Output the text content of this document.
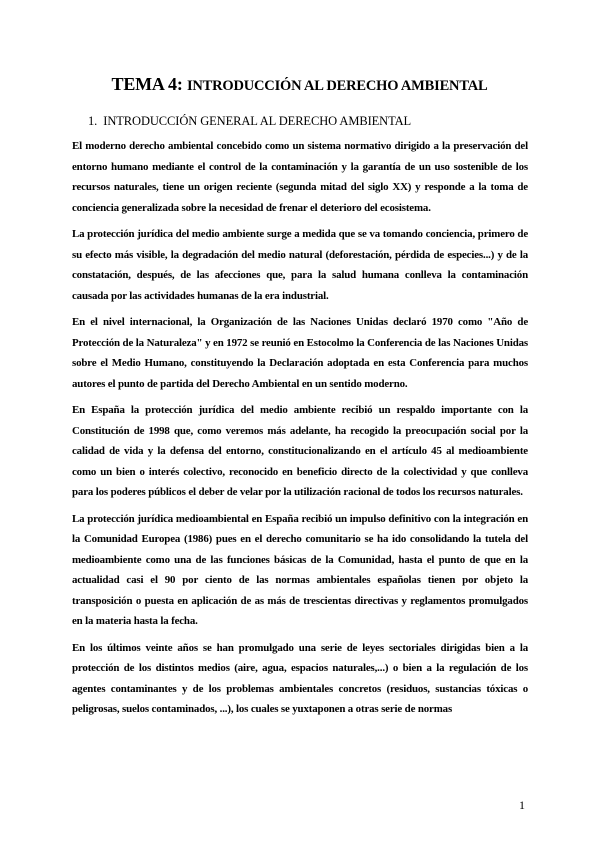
TEMA 4: INTRODUCCIÓN AL DERECHO AMBIENTAL
1. INTRODUCCIÓN GENERAL AL DERECHO AMBIENTAL

El moderno derecho ambiental concebido como un sistema normativo dirigido a la preservación del entorno humano mediante el control de la contaminación y la garantía de un uso sostenible de los recursos naturales, tiene un origen reciente (segunda mitad del siglo XX) y responde a la toma de conciencia generalizada sobre la necesidad de frenar el deterioro del ecosistema.

La protección jurídica del medio ambiente surge a medida que se va tomando conciencia, primero de su efecto más visible, la degradación del medio natural (deforestación, pérdida de especies...) y de la constatación, después, de las afecciones que, para la salud humana conlleva la contaminación causada por las actividades humanas de la era industrial.

En el nivel internacional, la Organización de las Naciones Unidas declaró 1970 como "Año de Protección de la Naturaleza" y en 1972 se reunió en Estocolmo la Conferencia de las Naciones Unidas sobre el Medio Humano, constituyendo la Declaración adoptada en esta Conferencia para muchos autores el punto de partida del Derecho Ambiental en un sentido moderno.

En España la protección jurídica del medio ambiente recibió un respaldo importante con la Constitución de 1998 que, como veremos más adelante, ha recogido la preocupación social por la calidad de vida y la defensa del entorno, constitucionalizando en el artículo 45 al medioambiente como un bien o interés colectivo, reconocido en beneficio directo de la colectividad y que conlleva para los poderes públicos el deber de velar por la utilización racional de todos los recursos naturales.

La protección jurídica medioambiental en España recibió un impulso definitivo con la integración en la Comunidad Europea (1986) pues en el derecho comunitario se ha ido consolidando la tutela del medioambiente como una de las funciones básicas de la Comunidad, hasta el punto de que en la actualidad casi el 90 por ciento de las normas ambientales españolas tienen por objeto la transposición o puesta en aplicación de as más de trescientas directivas y reglamentos promulgados en la materia hasta la fecha.

En los últimos veinte años se han promulgado una serie de leyes sectoriales dirigidas bien a la protección de los distintos medios (aire, agua, espacios naturales,...) o bien a la regulación de los agentes contaminantes y de los problemas ambientales concretos (residuos, sustancias tóxicas o peligrosas, suelos contaminados, ...), los cuales se yuxtaponen a otras serie de normas

1
